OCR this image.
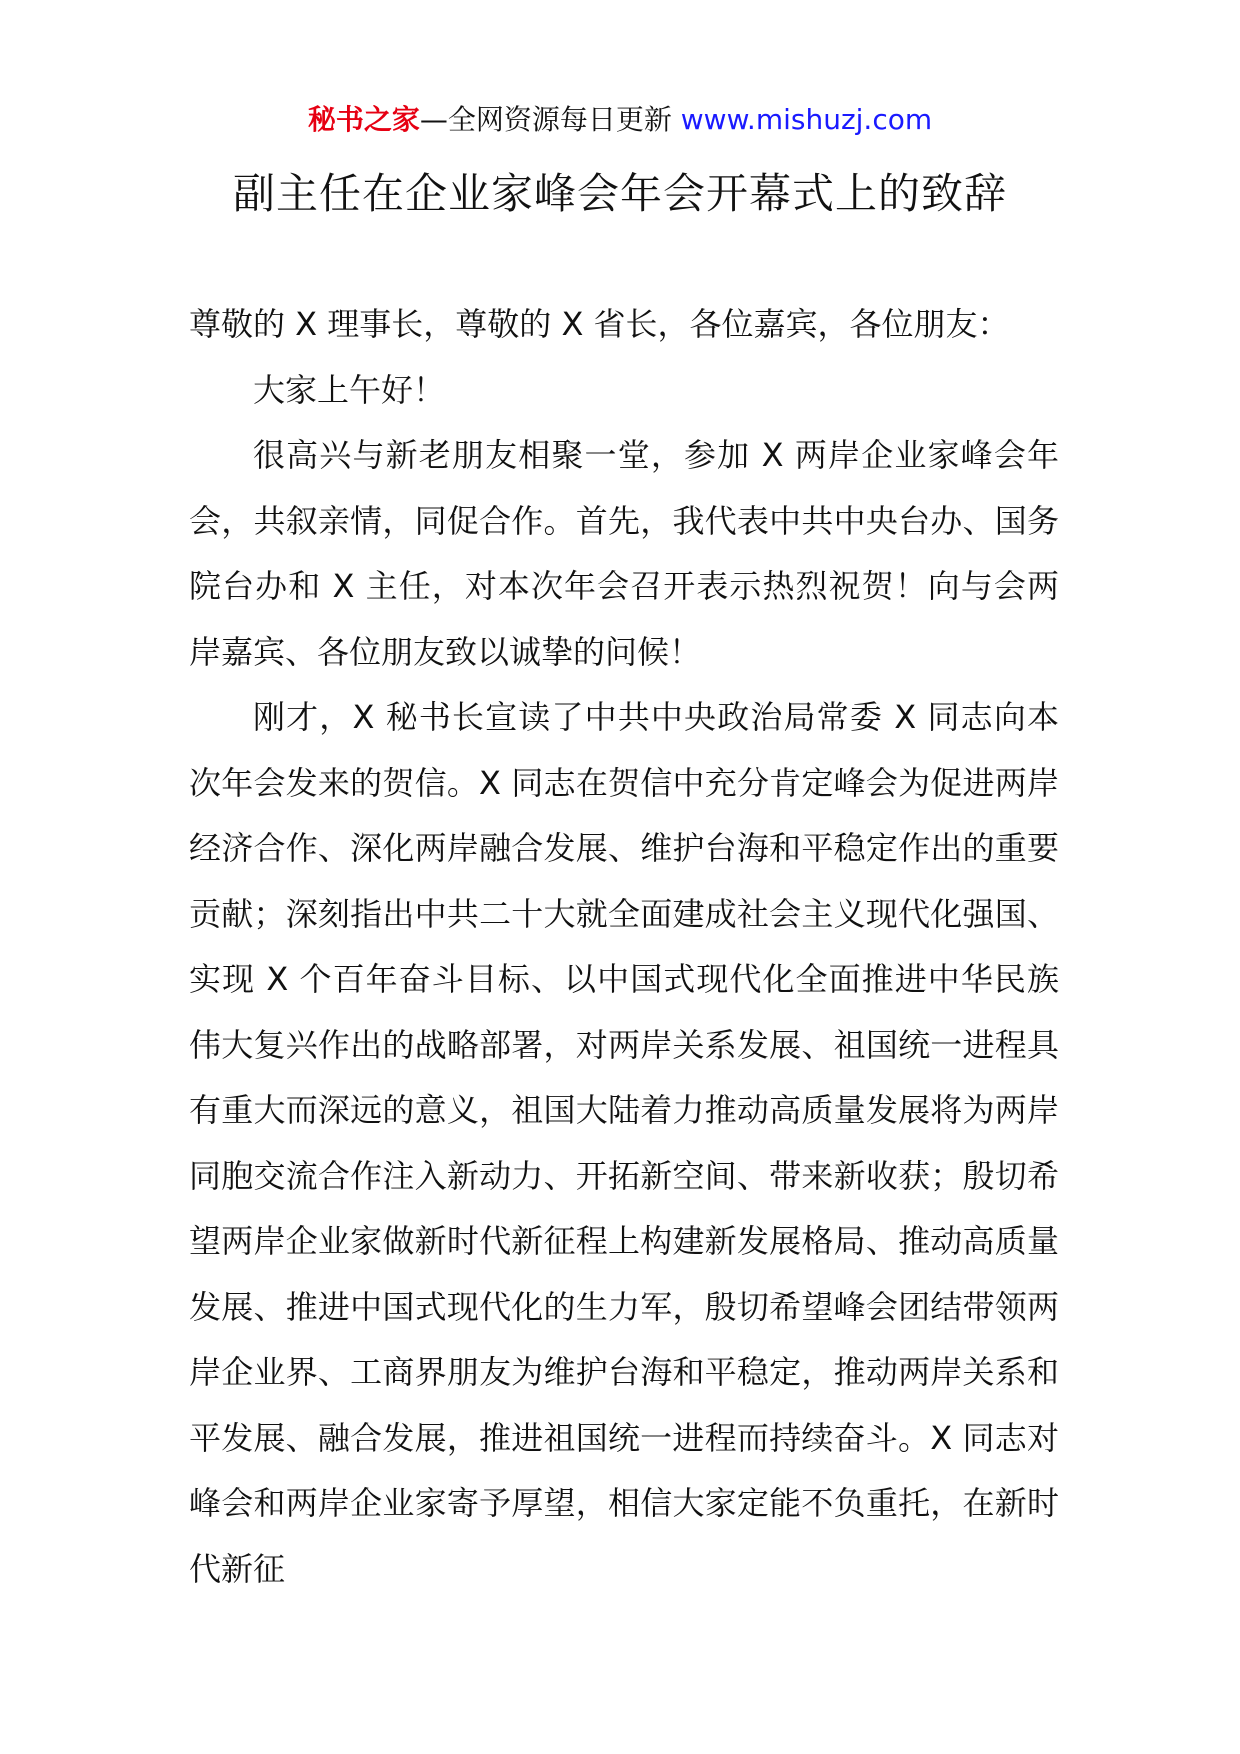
秘书之家—全网资源每日更新 www.mishuzj.com
副主任在企业家峰会年会开幕式上的致辞

尊敬的 X 理事长，尊敬的 X 省长，各位嘉宾，各位朋友：

大家上午好！

很高兴与新老朋友相聚一堂，参加 X 两岸企业家峰会年会，共叙亲情，同促合作。首先，我代表中共中央台办、国务院台办和 X 主任，对本次年会召开表示热烈祝贺！向与会两岸嘉宾、各位朋友致以诚挚的问候！

刚才，X 秘书长宣读了中共中央政治局常委 X 同志向本次年会发来的贺信。X 同志在贺信中充分肯定峰会为促进两岸经济合作、深化两岸融合发展、维护台海和平稳定作出的重要贡献；深刻指出中共二十大就全面建成社会主义现代化强国、实现 X 个百年奋斗目标、以中国式现代化全面推进中华民族伟大复兴作出的战略部署，对两岸关系发展、祖国统一进程具有重大而深远的意义，祖国大陆着力推动高质量发展将为两岸同胞交流合作注入新动力、开拓新空间、带来新收获；殷切希望两岸企业家做新时代新征程上构建新发展格局、推动高质量发展、推进中国式现代化的生力军，殷切希望峰会团结带领两岸企业界、工商界朋友为维护台海和平稳定，推动两岸关系和平发展、融合发展，推进祖国统一进程而持续奋斗。X 同志对峰会和两岸企业家寄予厚望，相信大家定能不负重托，在新时代新征
